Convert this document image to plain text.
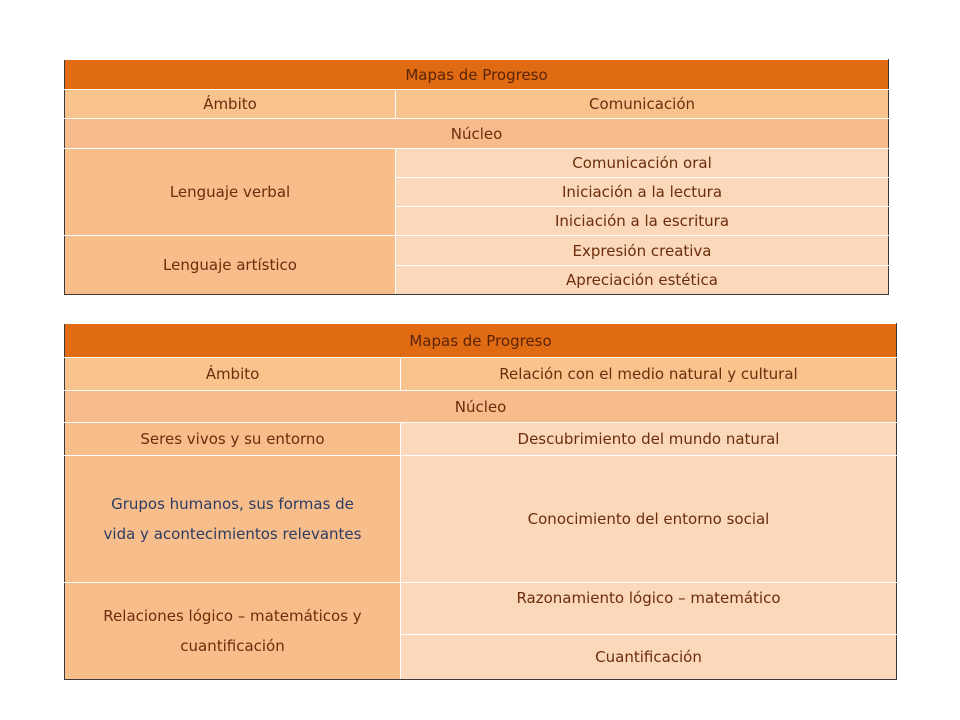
Mapas de Progreso	
Ámbito	Comunicación
Núcleo	
Lenguaje verbal	Comunicación oral
	Iniciación a la lectura
	Iniciación a la escritura
Lenguaje artístico	Expresión creativa
	Apreciación estética
Mapas de Progreso	
Ámbito	Relación con el medio natural y cultural
Núcleo	
Seres vivos y su entorno	Descubrimiento del mundo natural
Grupos humanos, sus formas de
vida y acontecimientos relevantes	Conocimiento del entorno social
Relaciones lógico – matemáticos y
cuantificación	Razonamiento lógico – matemático
	Cuantificación
